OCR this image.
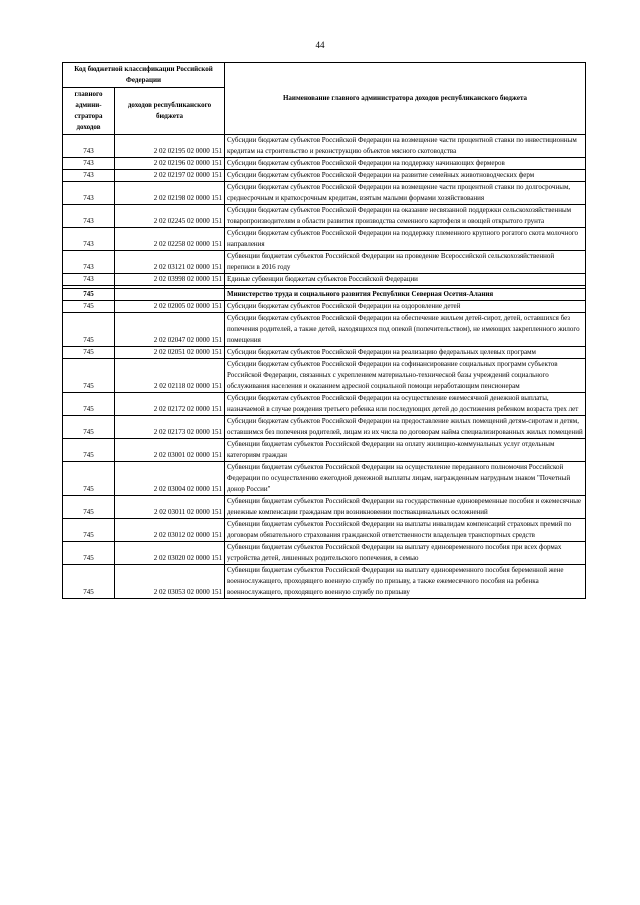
44
Код бюджетной классификации Российской Федерации		Наименование главного администратора доходов республиканского бюджета
главного админи-стратора доходов	доходов республиканского бюджета	
743	2 02 02195 02 0000 151	Субсидии бюджетам субъектов Российской Федерации на возмещение части процентной ставки по инвестиционным кредитам на строительство и реконструкцию объектов мясного скотоводства
743	2 02 02196 02 0000 151	Субсидии бюджетам субъектов Российской Федерации на поддержку начинающих фермеров
743	2 02 02197 02 0000 151	Субсидии бюджетам субъектов Российской Федерации на развитие семейных животноводческих ферм
743	2 02 02198 02 0000 151	Субсидии бюджетам субъектов Российской Федерации на возмещение части процентной ставки по долгосрочным, среднесрочным и краткосрочным кредитам, взятым малыми формами хозяйствования
743	2 02 02245 02 0000 151	Субсидии бюджетам субъектов Российской Федерации на оказание несвязанной поддержки сельскохозяйственным товаропроизводителям в области развития производства семенного картофеля и овощей открытого грунта
743	2 02 02258 02 0000 151	Субсидии бюджетам субъектов Российской Федерации на поддержку племенного крупного рогатого скота молочного направления
743	2 02 03121 02 0000 151	Субвенции бюджетам субъектов Российской Федерации на проведение Всероссийской сельскохозяйственной переписи в 2016 году
743	2 02 03998 02 0000 151	Единые субвенции бюджетам субъектов Российской Федерации

745		Министерство труда и социального развития Республики Северная Осетия-Алания
745	2 02 02005 02 0000 151	Субсидии бюджетам субъектов Российской Федерации на оздоровление детей
745	2 02 02047 02 0000 151	Субсидии бюджетам субъектов Российской Федерации на обеспечение жильем детей-сирот, детей, оставшихся без попечения родителей, а также детей, находящихся под опекой (попечительством), не имеющих закрепленного жилого помещения
745	2 02 02051 02 0000 151	Субсидии бюджетам субъектов Российской Федерации на реализацию федеральных целевых программ
745	2 02 02118 02 0000 151	Субсидии бюджетам субъектов Российской Федерации на софинансирование социальных программ субъектов Российской Федерации, связанных с укреплением материально-технической базы учреждений социального обслуживания населения и оказанием адресной социальной помощи неработающим пенсионерам
745	2 02 02172 02 0000 151	Субсидии бюджетам субъектов Российской Федерации на осуществление ежемесячной денежной выплаты, назначаемой в случае рождения третьего ребенка или последующих детей до достижения ребенком возраста трех лет
745	2 02 02173 02 0000 151	Субсидии бюджетам субъектов Российской Федерации на предоставление жилых помещений детям-сиротам и детям, оставшимся без попечения родителей, лицам из их числа по договорам найма специализированных жилых помещений
745	2 02 03001 02 0000 151	Субвенции бюджетам субъектов Российской Федерации на оплату жилищно-коммунальных услуг отдельным категориям граждан
745	2 02 03004 02 0000 151	Субвенции бюджетам субъектов Российской Федерации на осуществление переданного полномочия Российской Федерации по осуществлению ежегодной денежной выплаты лицам, награжденным нагрудным знаком "Почетный донор России"
745	2 02 03011 02 0000 151	Субвенции бюджетам субъектов Российской Федерации на государственные единовременные пособия и ежемесячные денежные компенсации гражданам при возникновении поствакцинальных осложнений
745	2 02 03012 02 0000 151	Субвенции бюджетам субъектов Российской Федерации на выплаты инвалидам компенсаций страховых премий по договорам обязательного страхования гражданской ответственности владельцев транспортных средств
745	2 02 03020 02 0000 151	Субвенции бюджетам субъектов Российской Федерации на выплату единовременного пособия при всех формах устройства детей, лишенных родительского попечения, в семью
745	2 02 03053 02 0000 151	Субвенции бюджетам субъектов Российской Федерации на выплату единовременного пособия беременной жене военнослужащего, проходящего военную службу по призыву, а также ежемесячного пособия на ребенка военнослужащего, проходящего военную службу по призыву
